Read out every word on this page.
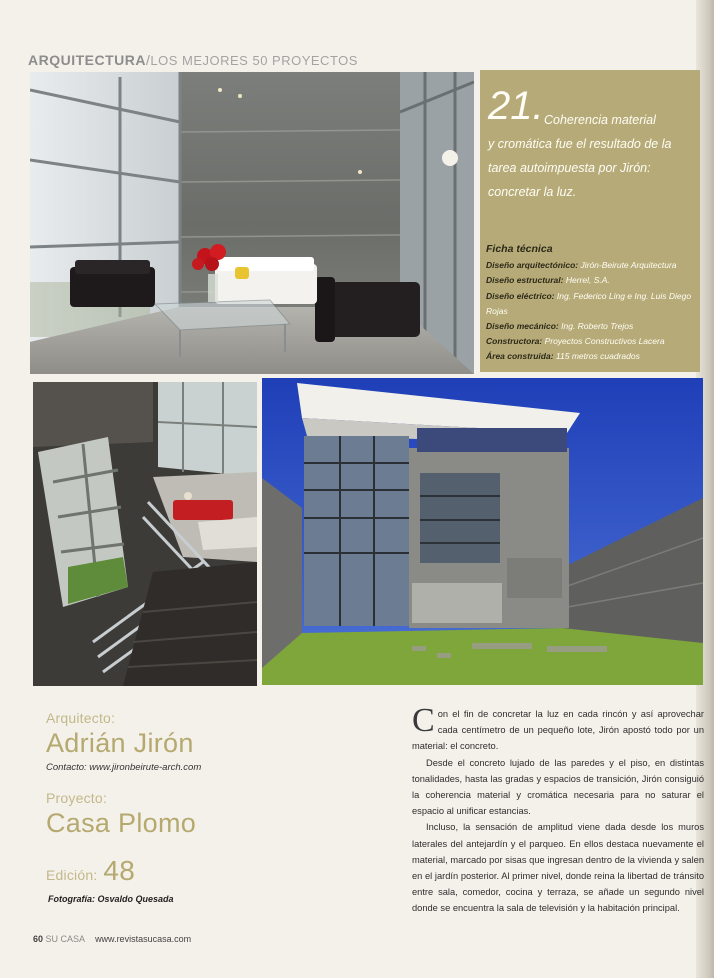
ARQUITECTURA/LOS MEJORES 50 PROYECTOS
21. Coherencia material
y cromática fue el resultado de la tarea autoimpuesta por Jirón: concretar la luz.
Ficha técnica
Diseño arquitectónico: Jirón-Beirute Arquitectura
Diseño estructural: Herrel, S.A.
Diseño eléctrico: Ing. Federico Ling e Ing. Luis Diego Rojas
Diseño mecánico: Ing. Roberto Trejos
Constructora: Proyectos Constructivos Lacera
Área construida: 115 metros cuadrados
Arquitecto:
Adrián Jirón
Contacto: www.jironbeirute-arch.com
Proyecto:
Casa Plomo
Edición: 48
Fotografía: Osvaldo Quesada

Con el fin de concretar la luz en cada rincón y así aprovechar cada centímetro de un pequeño lote, Jirón apostó todo por un material: el concreto.

Desde el concreto lujado de las paredes y el piso, en distintas tonalidades, hasta las gradas y espacios de transición, Jirón consiguió la coherencia material y cromática necesaria para no saturar el espacio al unificar estancias.

Incluso, la sensación de amplitud viene dada desde los muros laterales del antejardín y el parqueo. En ellos destaca nuevamente el material, marcado por sisas que ingresan dentro de la vivienda y salen en el jardín posterior. Al primer nivel, donde reina la libertad de tránsito entre sala, comedor, cocina y terraza, se añade un segundo nivel donde se encuentra la sala de televisión y la habitación principal.

60 SU CASA www.revistasucasa.com
